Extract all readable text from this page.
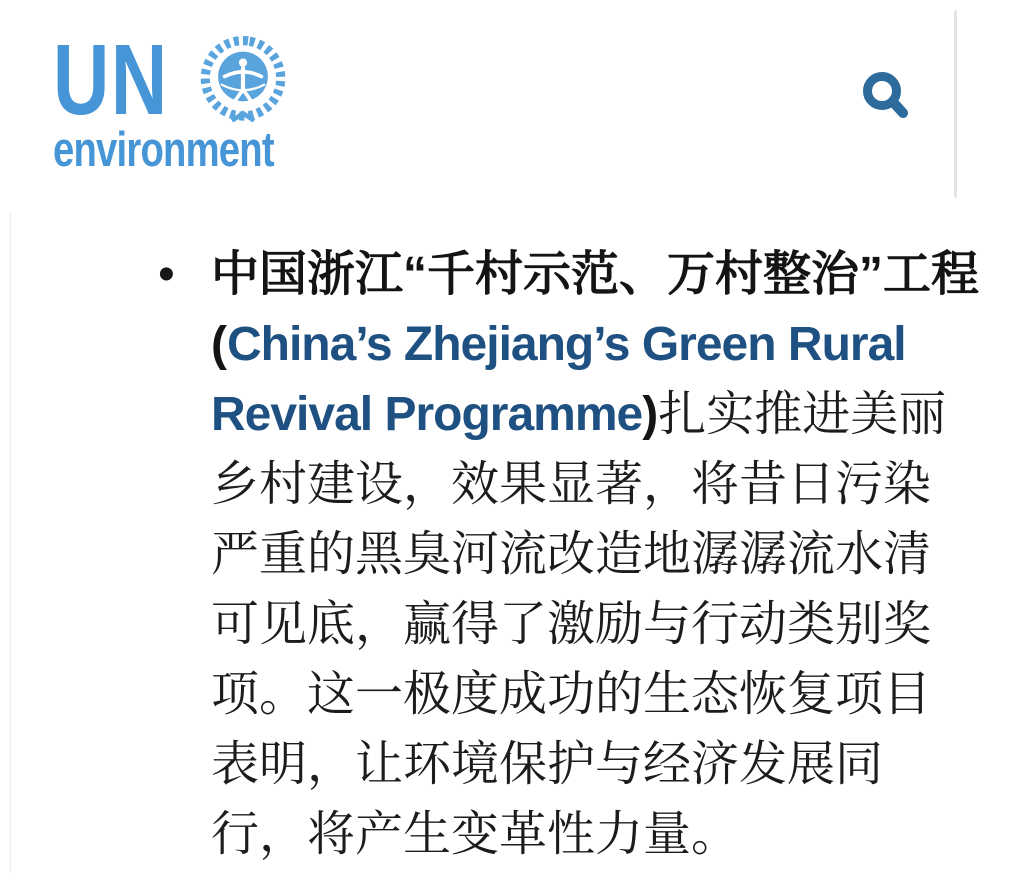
UN

environment
• 中国浙江“千村示范、万村整治”工程
(China’s Zhejiang’s Green Rural
Revival Programme)扎实推进美丽
乡村建设，效果显著，将昔日污染
严重的黑臭河流改造地潺潺流水清
可见底，赢得了激励与行动类别奖
项。这一极度成功的生态恢复项目
表明，让环境保护与经济发展同
行，将产生变革性力量。
